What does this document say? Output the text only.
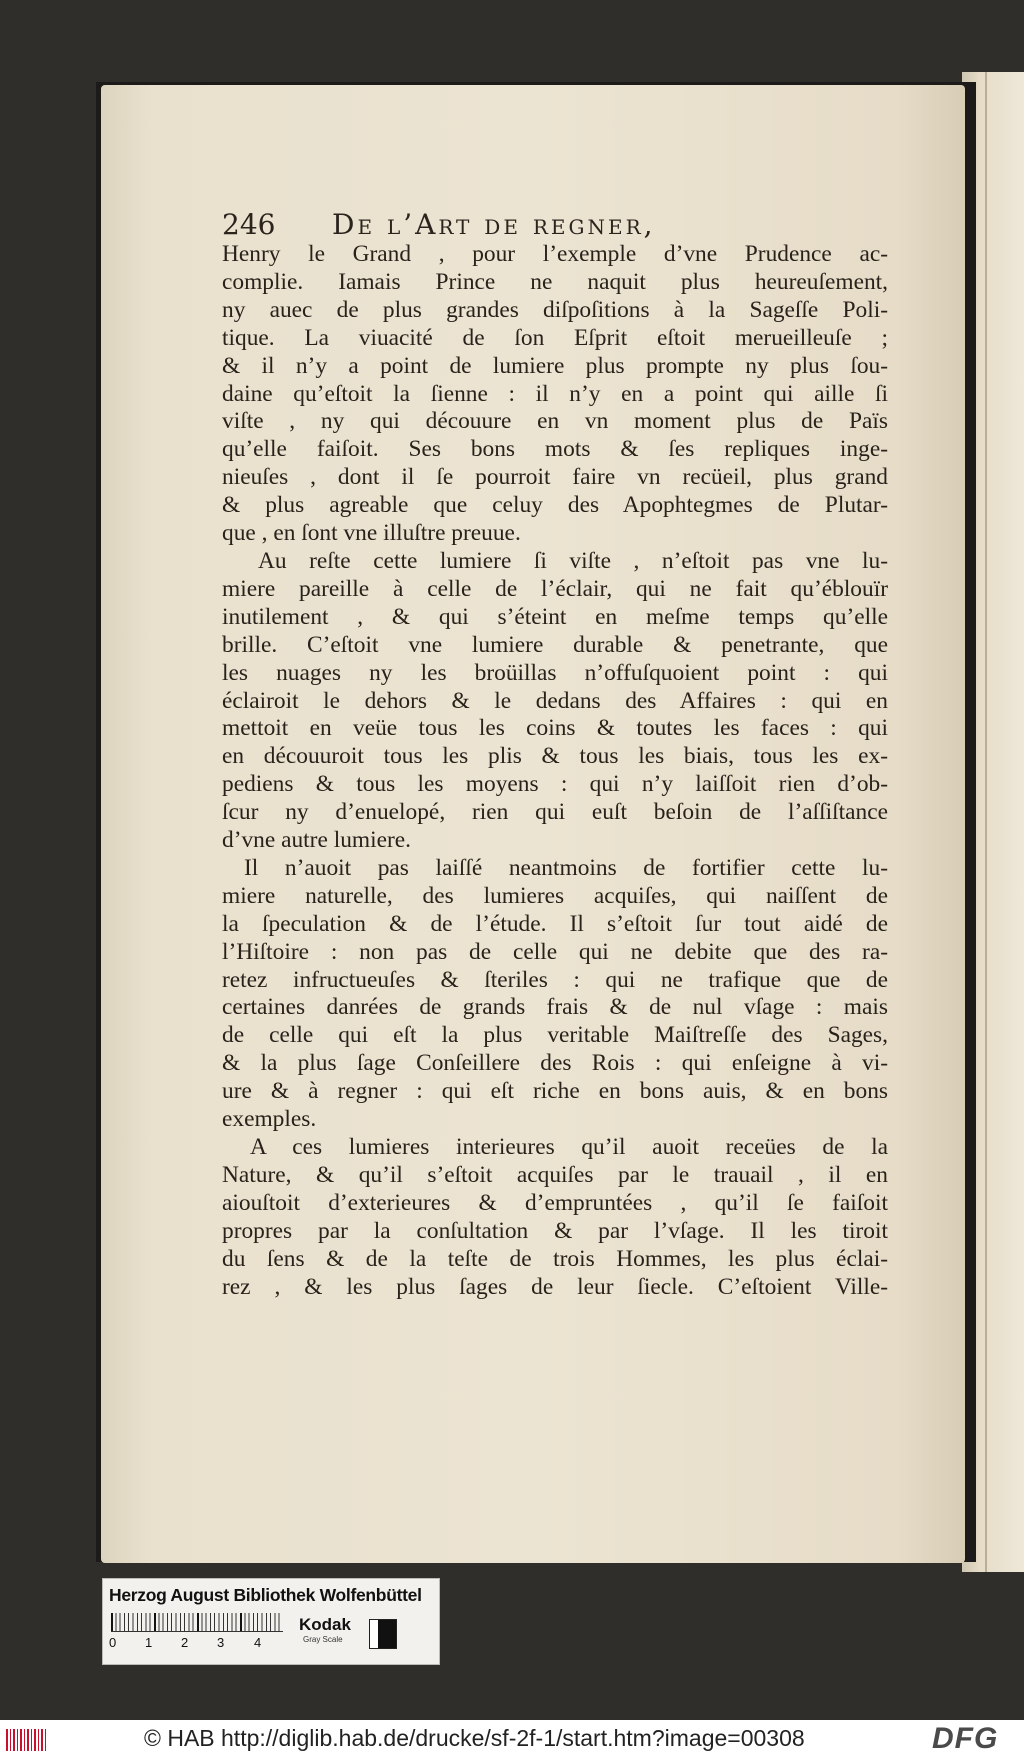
246 De l’Art de regner,
Henry le Grand , pour l’exemple d’vne Prudence ac-
complie. Iamais Prince ne naquit plus heureuſement,
ny auec de plus grandes diſpoſitions à la Sageſſe Poli-
tique. La viuacité de ſon Eſprit eſtoit merueilleuſe ;
& il n’y a point de lumiere plus prompte ny plus ſou-
daine qu’eſtoit la ſienne : il n’y en a point qui aille ſi
viſte , ny qui découure en vn moment plus de Païs
qu’elle faiſoit. Ses bons mots & ſes repliques inge-
nieuſes , dont il ſe pourroit faire vn recüeil, plus grand
& plus agreable que celuy des Apophtegmes de Plutar-
que , en ſont vne illuſtre preuue.
Au reſte cette lumiere ſi viſte , n’eſtoit pas vne lu-
miere pareille à celle de l’éclair, qui ne fait qu’éblouïr
inutilement , & qui s’éteint en meſme temps qu’elle
brille. C’eſtoit vne lumiere durable & penetrante, que
les nuages ny les broüillas n’offuſquoient point : qui
éclairoit le dehors & le dedans des Affaires : qui en
mettoit en veüe tous les coins & toutes les faces : qui
en découuroit tous les plis & tous les biais, tous les ex-
pediens & tous les moyens : qui n’y laiſſoit rien d’ob-
ſcur ny d’enuelopé, rien qui euſt beſoin de l’aſſiſtance
d’vne autre lumiere.
Il n’auoit pas laiſſé neantmoins de fortifier cette lu-
miere naturelle, des lumieres acquiſes, qui naiſſent de
la ſpeculation & de l’étude. Il s’eſtoit ſur tout aidé de
l’Hiſtoire : non pas de celle qui ne debite que des ra-
retez infructueuſes & ſteriles : qui ne trafique que de
certaines danrées de grands frais & de nul vſage : mais
de celle qui eſt la plus veritable Maiſtreſſe des Sages,
& la plus ſage Conſeillere des Rois : qui enſeigne à vi-
ure & à regner : qui eſt riche en bons auis, & en bons
exemples.
A ces lumieres interieures qu’il auoit receües de la
Nature, & qu’il s’eſtoit acquiſes par le trauail , il en
aiouſtoit d’exterieures & d’empruntées , qu’il ſe faiſoit
propres par la conſultation & par l’vſage. Il les tiroit
du ſens & de la teſte de trois Hommes, les plus éclai-
rez , & les plus ſages de leur ſiecle. C’eſtoient Ville-
Herzog August Bibliothek Wolfenbüttel
0 1 2 3 4
Kodak
Gray Scale
© HAB http://diglib.hab.de/drucke/sf-2f-1/start.htm?image=00308	DFG
